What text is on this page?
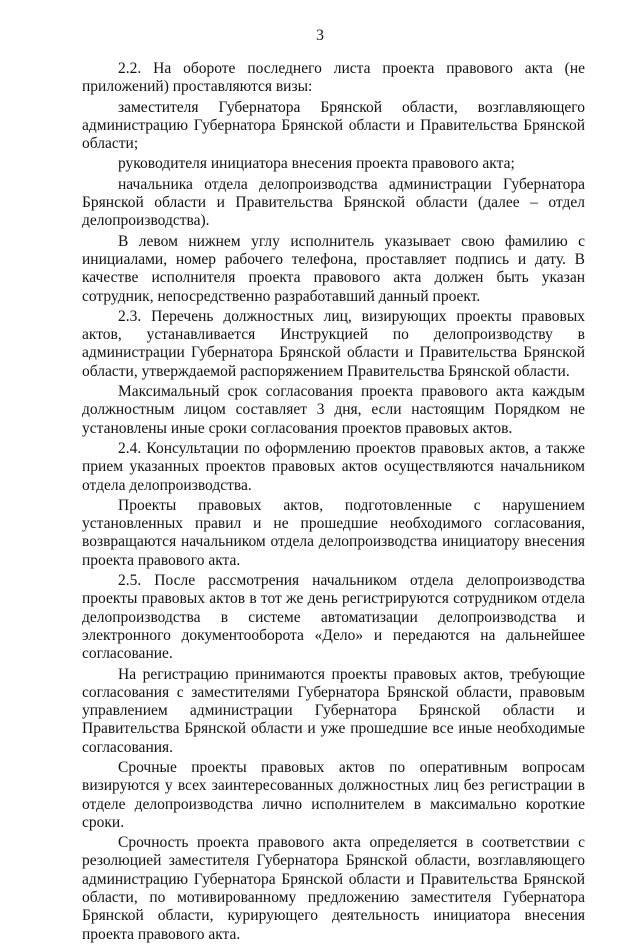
3

2.2. На обороте последнего листа проекта правового акта (не приложений) проставляются визы:

заместителя Губернатора Брянской области, возглавляющего администрацию Губернатора Брянской области и Правительства Брянской области;

руководителя инициатора внесения проекта правового акта;

начальника отдела делопроизводства администрации Губернатора Брянской области и Правительства Брянской области (далее – отдел делопроизводства).

В левом нижнем углу исполнитель указывает свою фамилию с инициалами, номер рабочего телефона, проставляет подпись и дату. В качестве исполнителя проекта правового акта должен быть указан сотрудник, непосредственно разработавший данный проект.

2.3. Перечень должностных лиц, визирующих проекты правовых актов, устанавливается Инструкцией по делопроизводству в администрации Губернатора Брянской области и Правительства Брянской области, утверждаемой распоряжением Правительства Брянской области.

Максимальный срок согласования проекта правового акта каждым должностным лицом составляет 3 дня, если настоящим Порядком не установлены иные сроки согласования проектов правовых актов.

2.4. Консультации по оформлению проектов правовых актов, а также прием указанных проектов правовых актов осуществляются начальником отдела делопроизводства.

Проекты правовых актов, подготовленные с нарушением установленных правил и не прошедшие необходимого согласования, возвращаются начальником отдела делопроизводства инициатору внесения проекта правового акта.

2.5. После рассмотрения начальником отдела делопроизводства проекты правовых актов в тот же день регистрируются сотрудником отдела делопроизводства в системе автоматизации делопроизводства и электронного документооборота «Дело» и передаются на дальнейшее согласование.

На регистрацию принимаются проекты правовых актов, требующие согласования с заместителями Губернатора Брянской области, правовым управлением администрации Губернатора Брянской области и Правительства Брянской области и уже прошедшие все иные необходимые согласования.

Срочные проекты правовых актов по оперативным вопросам визируются у всех заинтересованных должностных лиц без регистрации в отделе делопроизводства лично исполнителем в максимально короткие сроки.

Срочность проекта правового акта определяется в соответствии с резолюцией заместителя Губернатора Брянской области, возглавляющего администрацию Губернатора Брянской области и Правительства Брянской области, по мотивированному предложению заместителя Губернатора Брянской области, курирующего деятельность инициатора внесения проекта правового акта.
